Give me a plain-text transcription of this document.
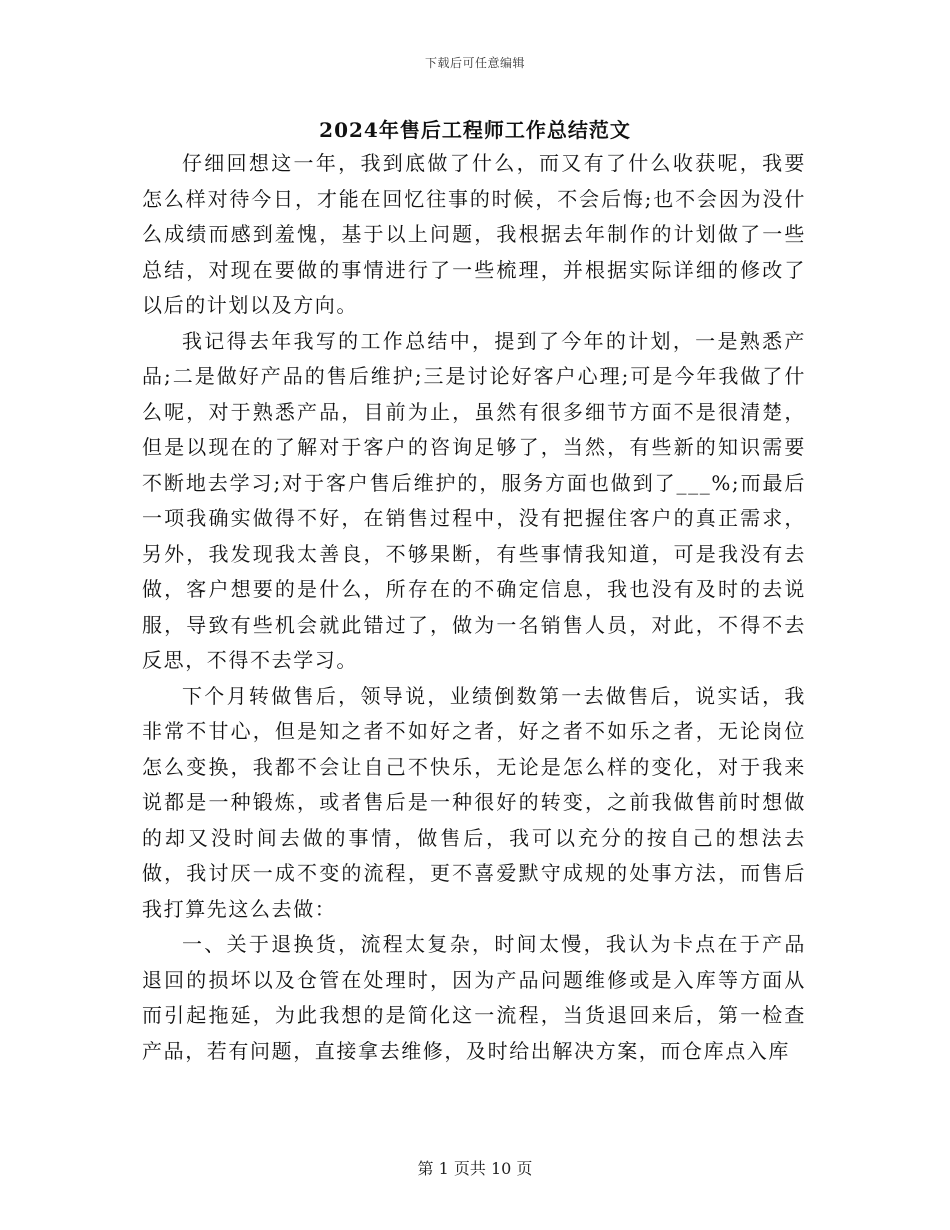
下载后可任意编辑
2024年售后工程师工作总结范文

仔细回想这一年，我到底做了什么，而又有了什么收获呢，我要怎么样对待今日，才能在回忆往事的时候，不会后悔;也不会因为没什么成绩而感到羞愧，基于以上问题，我根据去年制作的计划做了一些总结，对现在要做的事情进行了一些梳理，并根据实际详细的修改了以后的计划以及方向。

我记得去年我写的工作总结中，提到了今年的计划，一是熟悉产品;二是做好产品的售后维护;三是讨论好客户心理;可是今年我做了什么呢，对于熟悉产品，目前为止，虽然有很多细节方面不是很清楚，但是以现在的了解对于客户的咨询足够了，当然，有些新的知识需要不断地去学习;对于客户售后维护的，服务方面也做到了___%;而最后一项我确实做得不好，在销售过程中，没有把握住客户的真正需求，另外，我发现我太善良，不够果断，有些事情我知道，可是我没有去做，客户想要的是什么，所存在的不确定信息，我也没有及时的去说服，导致有些机会就此错过了，做为一名销售人员，对此，不得不去反思，不得不去学习。

下个月转做售后，领导说，业绩倒数第一去做售后，说实话，我非常不甘心，但是知之者不如好之者，好之者不如乐之者，无论岗位怎么变换，我都不会让自己不快乐，无论是怎么样的变化，对于我来说都是一种锻炼，或者售后是一种很好的转变，之前我做售前时想做的却又没时间去做的事情，做售后，我可以充分的按自己的想法去做，我讨厌一成不变的流程，更不喜爱默守成规的处事方法，而售后我打算先这么去做：

一、关于退换货，流程太复杂，时间太慢，我认为卡点在于产品退回的损坏以及仓管在处理时，因为产品问题维修或是入库等方面从而引起拖延，为此我想的是简化这一流程，当货退回来后，第一检查产品，若有问题，直接拿去维修，及时给出解决方案，而仓库点入库

第 1 页共 10 页
